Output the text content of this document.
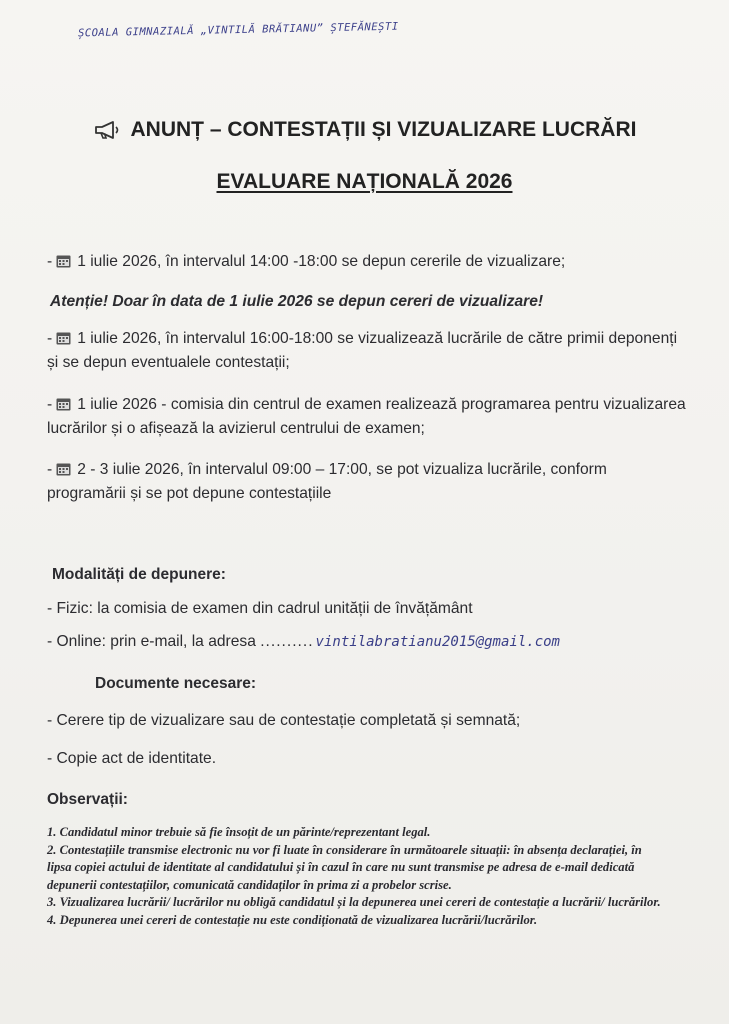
ȘCOALA GIMNAZIALĂ „VINTILĂ BRĂTIANU” ȘTEFĂNEȘTI
ANUNȚ – CONTESTAȚII ȘI VIZUALIZARE LUCRĂRI
EVALUARE NAȚIONALĂ 2026
- 1 iulie 2026, în intervalul 14:00 -18:00 se depun cererile de vizualizare;
Atenție! Doar în data de 1 iulie 2026 se depun cereri de vizualizare!
- 1 iulie 2026, în intervalul 16:00-18:00 se vizualizează lucrările de către primii deponenți și se depun eventualele contestații;
- 1 iulie 2026 - comisia din centrul de examen realizează programarea pentru vizualizarea lucrărilor și o afișează la avizierul centrului de examen;
- 2 - 3 iulie 2026, în intervalul 09:00 – 17:00, se pot vizualiza lucrările, conform programării și se pot depune contestațiile
Modalități de depunere:
- Fizic: la comisia de examen din cadrul unității de învățământ
- Online: prin e-mail, la adresa .......... vintilabratianu2015@gmail.com
Documente necesare:
- Cerere tip de vizualizare sau de contestație completată și semnată;
- Copie act de identitate.
Observații:
1. Candidatul minor trebuie să fie însoțit de un părinte/reprezentant legal.
2. Contestațiile transmise electronic nu vor fi luate în considerare în următoarele situații: în absența declarației, în lipsa copiei actului de identitate al candidatului și în cazul în care nu sunt transmise pe adresa de e-mail dedicată depunerii contestațiilor, comunicată candidaților în prima zi a probelor scrise.
3. Vizualizarea lucrării/ lucrărilor nu obligă candidatul și la depunerea unei cereri de contestație a lucrării/ lucrărilor.
4. Depunerea unei cereri de contestație nu este condiționată de vizualizarea lucrării/lucrărilor.
